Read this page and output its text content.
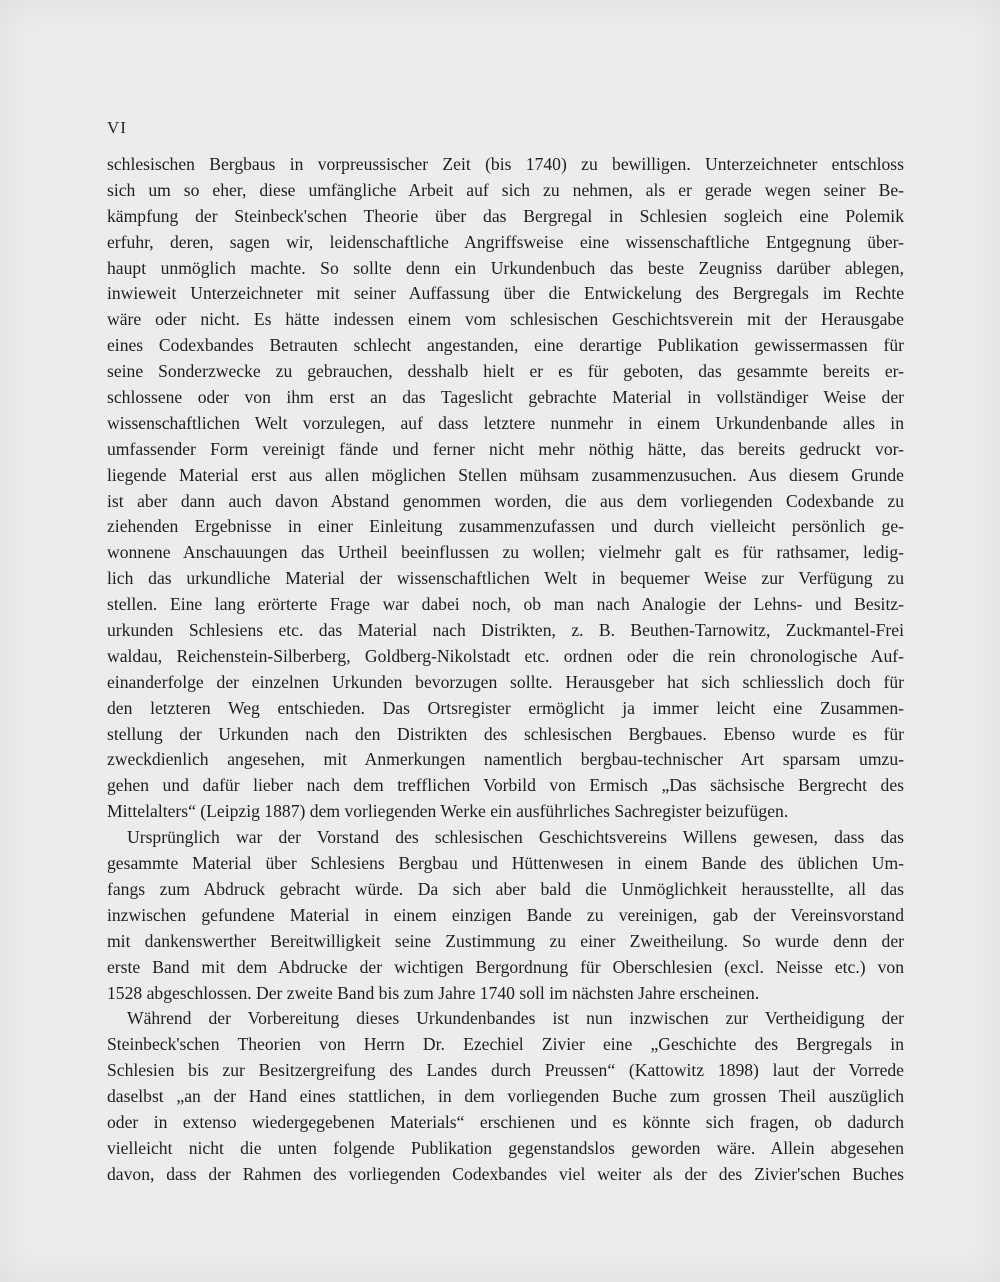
VI
schlesischen Bergbaus in vorpreussischer Zeit (bis 1740) zu bewilligen. Unterzeichneter entschloss
sich um so eher, diese umfängliche Arbeit auf sich zu nehmen, als er gerade wegen seiner Be-
kämpfung der Steinbeck'schen Theorie über das Bergregal in Schlesien sogleich eine Polemik
erfuhr, deren, sagen wir, leidenschaftliche Angriffsweise eine wissenschaftliche Entgegnung über-
haupt unmöglich machte. So sollte denn ein Urkundenbuch das beste Zeugniss darüber ablegen,
inwieweit Unterzeichneter mit seiner Auffassung über die Entwickelung des Bergregals im Rechte
wäre oder nicht. Es hätte indessen einem vom schlesischen Geschichtsverein mit der Herausgabe
eines Codexbandes Betrauten schlecht angestanden, eine derartige Publikation gewissermassen für
seine Sonderzwecke zu gebrauchen, desshalb hielt er es für geboten, das gesammte bereits er-
schlossene oder von ihm erst an das Tageslicht gebrachte Material in vollständiger Weise der
wissenschaftlichen Welt vorzulegen, auf dass letztere nunmehr in einem Urkundenbande alles in
umfassender Form vereinigt fände und ferner nicht mehr nöthig hätte, das bereits gedruckt vor-
liegende Material erst aus allen möglichen Stellen mühsam zusammenzusuchen. Aus diesem Grunde
ist aber dann auch davon Abstand genommen worden, die aus dem vorliegenden Codexbande zu
ziehenden Ergebnisse in einer Einleitung zusammenzufassen und durch vielleicht persönlich ge-
wonnene Anschauungen das Urtheil beeinflussen zu wollen; vielmehr galt es für rathsamer, ledig-
lich das urkundliche Material der wissenschaftlichen Welt in bequemer Weise zur Verfügung zu
stellen. Eine lang erörterte Frage war dabei noch, ob man nach Analogie der Lehns- und Besitz-
urkunden Schlesiens etc. das Material nach Distrikten, z. B. Beuthen-Tarnowitz, Zuckmantel-Frei
waldau, Reichenstein-Silberberg, Goldberg-Nikolstadt etc. ordnen oder die rein chronologische Auf-
einanderfolge der einzelnen Urkunden bevorzugen sollte. Herausgeber hat sich schliesslich doch für
den letzteren Weg entschieden. Das Ortsregister ermöglicht ja immer leicht eine Zusammen-
stellung der Urkunden nach den Distrikten des schlesischen Bergbaues. Ebenso wurde es für
zweckdienlich angesehen, mit Anmerkungen namentlich bergbau-technischer Art sparsam umzu-
gehen und dafür lieber nach dem trefflichen Vorbild von Ermisch „Das sächsische Bergrecht des
Mittelalters“ (Leipzig 1887) dem vorliegenden Werke ein ausführliches Sachregister beizufügen.
Ursprünglich war der Vorstand des schlesischen Geschichtsvereins Willens gewesen, dass das
gesammte Material über Schlesiens Bergbau und Hüttenwesen in einem Bande des üblichen Um-
fangs zum Abdruck gebracht würde. Da sich aber bald die Unmöglichkeit herausstellte, all das
inzwischen gefundene Material in einem einzigen Bande zu vereinigen, gab der Vereinsvorstand
mit dankenswerther Bereitwilligkeit seine Zustimmung zu einer Zweitheilung. So wurde denn der
erste Band mit dem Abdrucke der wichtigen Bergordnung für Oberschlesien (excl. Neisse etc.) von
1528 abgeschlossen. Der zweite Band bis zum Jahre 1740 soll im nächsten Jahre erscheinen.
Während der Vorbereitung dieses Urkundenbandes ist nun inzwischen zur Vertheidigung der
Steinbeck'schen Theorien von Herrn Dr. Ezechiel Zivier eine „Geschichte des Bergregals in
Schlesien bis zur Besitzergreifung des Landes durch Preussen“ (Kattowitz 1898) laut der Vorrede
daselbst „an der Hand eines stattlichen, in dem vorliegenden Buche zum grossen Theil auszüglich
oder in extenso wiedergegebenen Materials“ erschienen und es könnte sich fragen, ob dadurch
vielleicht nicht die unten folgende Publikation gegenstandslos geworden wäre. Allein abgesehen
davon, dass der Rahmen des vorliegenden Codexbandes viel weiter als der des Zivier'schen Buches
